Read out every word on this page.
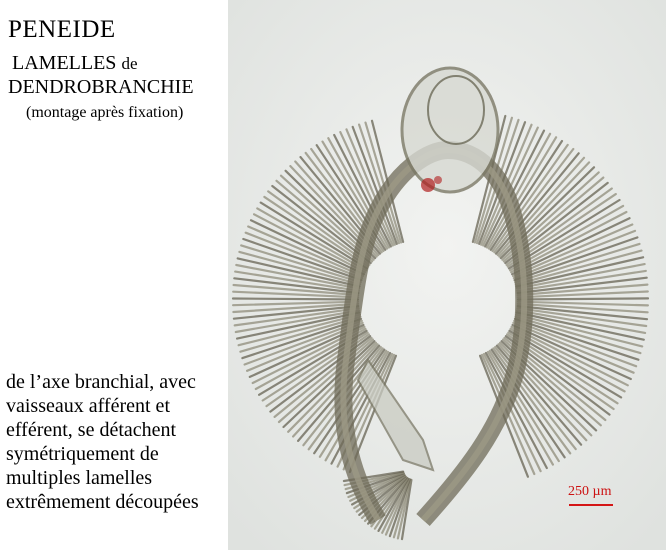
PENEIDE
LAMELLES de
DENDROBRANCHIE
(montage après fixation)
de l’axe branchial, avec
vaisseaux afférent et
efférent, se détachent
symétriquement de
multiples lamelles
extrêmement découpées	250 µm
